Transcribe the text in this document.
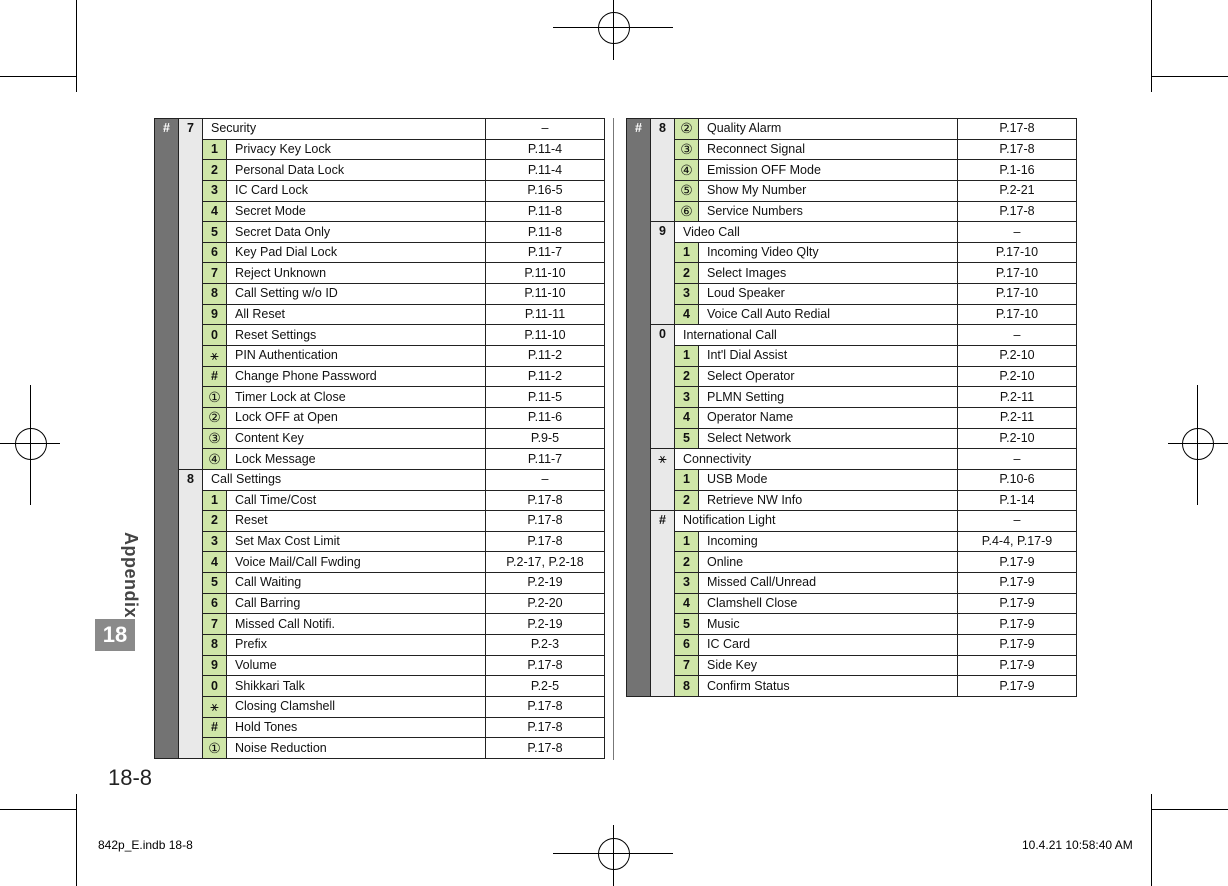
Appendix
18
18-8
842p_E.indb 18-8	10.4.21 10:58:40 AM
#	7	Security		–
		1	Privacy Key Lock	P.11-4
		2	Personal Data Lock	P.11-4
		3	IC Card Lock	P.16-5
		4	Secret Mode	P.11-8
		5	Secret Data Only	P.11-8
		6	Key Pad Dial Lock	P.11-7
		7	Reject Unknown	P.11-10
		8	Call Setting w/o ID	P.11-10
		9	All Reset	P.11-11
		0	Reset Settings	P.11-10
		⚹	PIN Authentication	P.11-2
		#	Change Phone Password	P.11-2
		①	Timer Lock at Close	P.11-5
		②	Lock OFF at Open	P.11-6
		③	Content Key	P.9-5
		④	Lock Message	P.11-7
	8	Call Settings		–
		1	Call Time/Cost	P.17-8
		2	Reset	P.17-8
		3	Set Max Cost Limit	P.17-8
		4	Voice Mail/Call Fwding	P.2-17, P.2-18
		5	Call Waiting	P.2-19
		6	Call Barring	P.2-20
		7	Missed Call Notifi.	P.2-19
		8	Prefix	P.2-3
		9	Volume	P.17-8
		0	Shikkari Talk	P.2-5
		⚹	Closing Clamshell	P.17-8
		#	Hold Tones	P.17-8
		①	Noise Reduction	P.17-8
#	8	②	Quality Alarm	P.17-8
		③	Reconnect Signal	P.17-8
		④	Emission OFF Mode	P.1-16
		⑤	Show My Number	P.2-21
		⑥	Service Numbers	P.17-8
	9	Video Call		–
		1	Incoming Video Qlty	P.17-10
		2	Select Images	P.17-10
		3	Loud Speaker	P.17-10
		4	Voice Call Auto Redial	P.17-10
	0	International Call		–
		1	Int'l Dial Assist	P.2-10
		2	Select Operator	P.2-10
		3	PLMN Setting	P.2-11
		4	Operator Name	P.2-11
		5	Select Network	P.2-10
	⚹	Connectivity		–
		1	USB Mode	P.10-6
		2	Retrieve NW Info	P.1-14
	#	Notification Light		–
		1	Incoming	P.4-4, P.17-9
		2	Online	P.17-9
		3	Missed Call/Unread	P.17-9
		4	Clamshell Close	P.17-9
		5	Music	P.17-9
		6	IC Card	P.17-9
		7	Side Key	P.17-9
		8	Confirm Status	P.17-9
